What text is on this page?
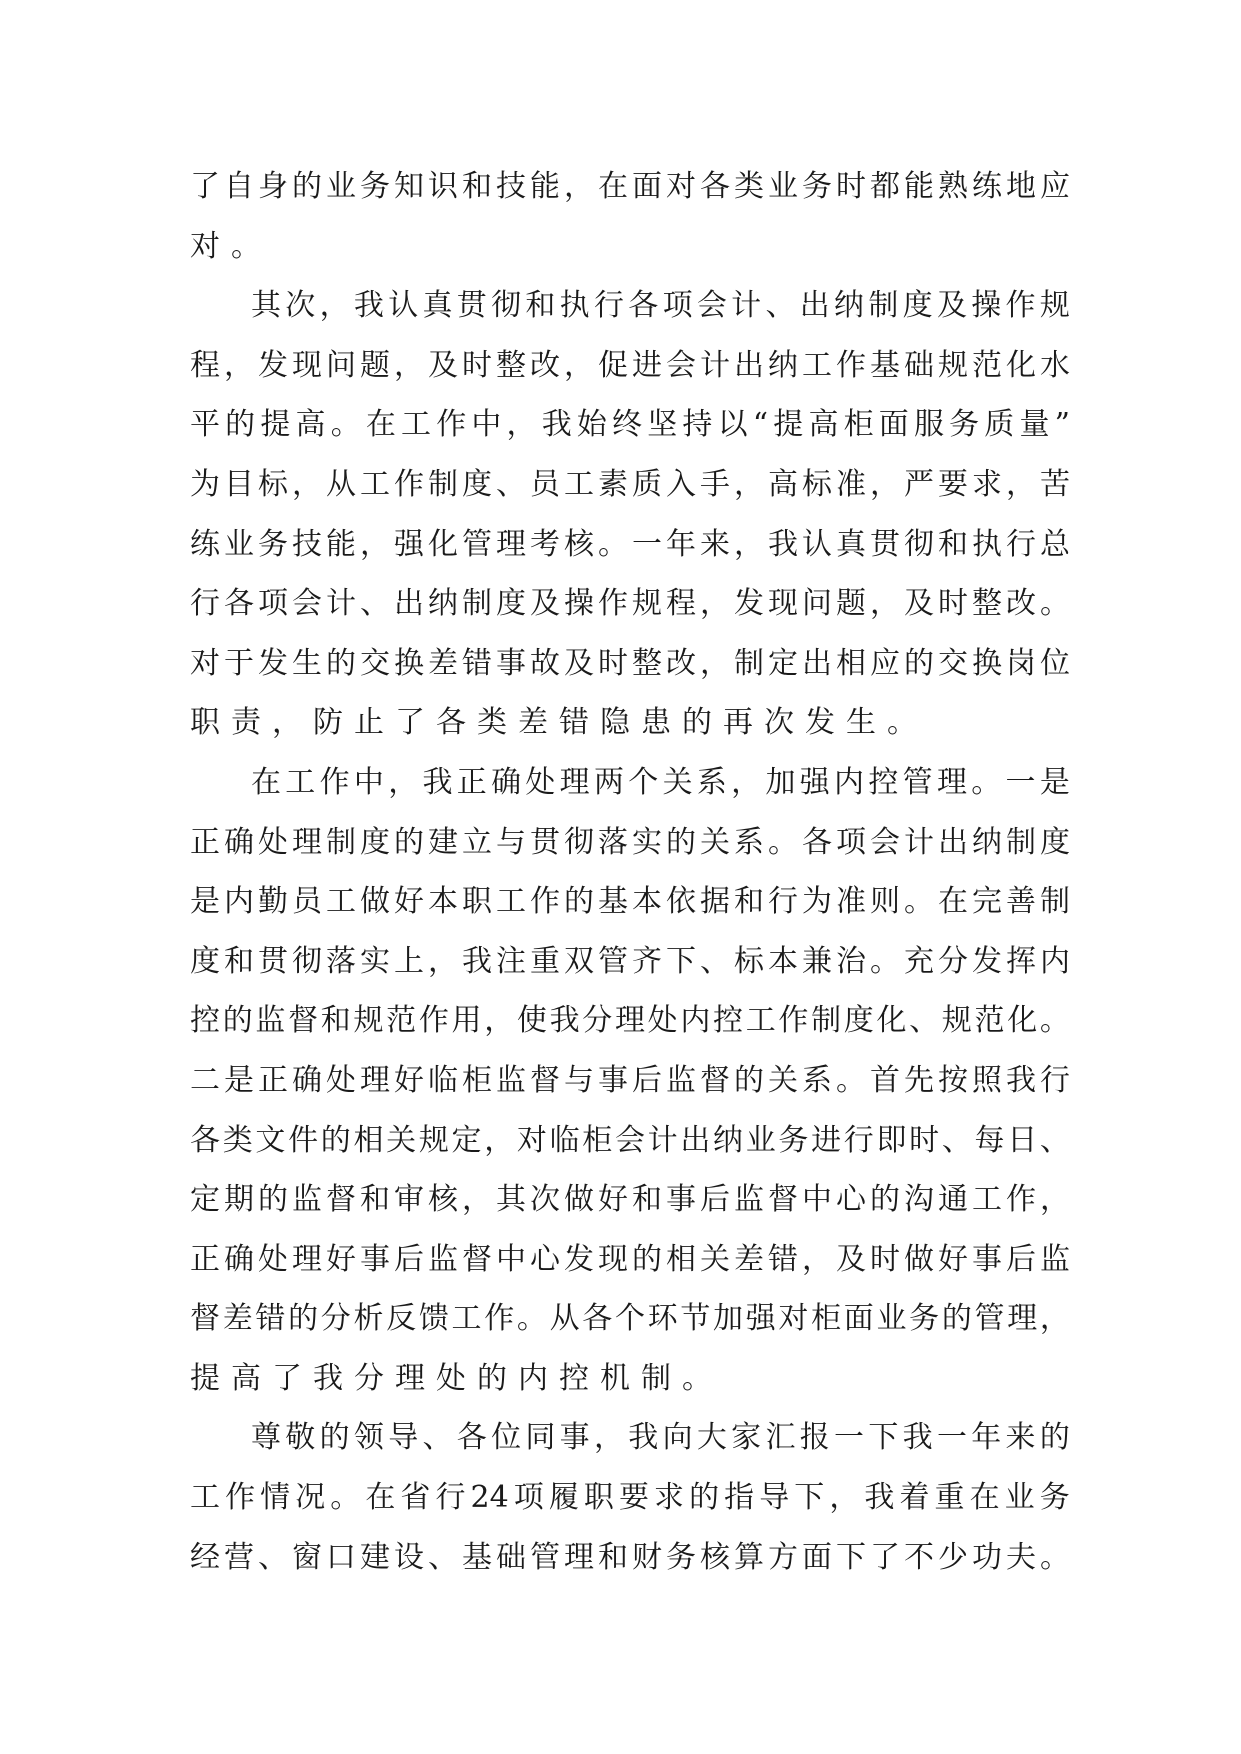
了 自 身 的 业 务 知 识 和 技 能 ， 在 面 对 各 类 业 务 时 都 能 熟 练 地 应
对。
其 次 ， 我 认 真 贯 彻 和 执 行 各 项 会 计 、 出 纳 制 度 及 操 作 规
程 ， 发 现 问 题 ， 及 时 整 改 ， 促 进 会 计 出 纳 工 作 基 础 规 范 化 水
平 的 提 高 。 在 工 作 中 ， 我 始 终 坚 持 以 “ 提 高 柜 面 服 务 质 量 ”
为 目 标 ， 从 工 作 制 度 、 员 工 素 质 入 手 ， 高 标 准 ， 严 要 求 ， 苦
练 业 务 技 能 ， 强 化 管 理 考 核 。 一 年 来 ， 我 认 真 贯 彻 和 执 行 总
行 各 项 会 计 、 出 纳 制 度 及 操 作 规 程 ， 发 现 问 题 ， 及 时 整 改 。
对 于 发 生 的 交 换 差 错 事 故 及 时 整 改 ， 制 定 出 相 应 的 交 换 岗 位
职责，防止了各类差错隐患的再次发生。
在 工 作 中 ， 我 正 确 处 理 两 个 关 系 ， 加 强 内 控 管 理 。 一 是
正 确 处 理 制 度 的 建 立 与 贯 彻 落 实 的 关 系 。 各 项 会 计 出 纳 制 度
是 内 勤 员 工 做 好 本 职 工 作 的 基 本 依 据 和 行 为 准 则 。 在 完 善 制
度 和 贯 彻 落 实 上 ， 我 注 重 双 管 齐 下 、 标 本 兼 治 。 充 分 发 挥 内
控 的 监 督 和 规 范 作 用 ， 使 我 分 理 处 内 控 工 作 制 度 化 、 规 范 化 。
二 是 正 确 处 理 好 临 柜 监 督 与 事 后 监 督 的 关 系 。 首 先 按 照 我 行
各 类 文 件 的 相 关 规 定 ， 对 临 柜 会 计 出 纳 业 务 进 行 即 时 、 每 日 、
定 期 的 监 督 和 审 核 ， 其 次 做 好 和 事 后 监 督 中 心 的 沟 通 工 作 ，
正 确 处 理 好 事 后 监 督 中 心 发 现 的 相 关 差 错 ， 及 时 做 好 事 后 监
督 差 错 的 分 析 反 馈 工 作 。 从 各 个 环 节 加 强 对 柜 面 业 务 的 管 理 ，
提高了我分理处的内控机制。
尊 敬 的 领 导 、 各 位 同 事 ， 我 向 大 家 汇 报 一 下 我 一 年 来 的
工 作 情 况 。 在 省 行 24 项 履 职 要 求 的 指 导 下 ， 我 着 重 在 业 务
经 营 、 窗 口 建 设 、 基 础 管 理 和 财 务 核 算 方 面 下 了 不 少 功 夫 。
